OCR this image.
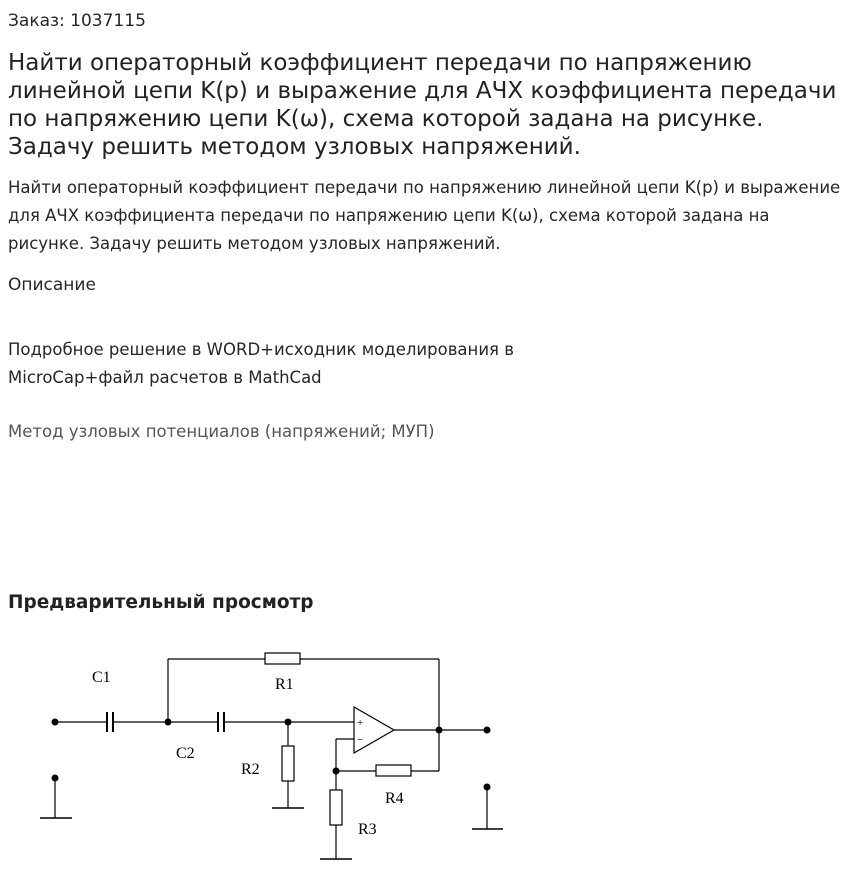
Заказ: 1037115
Найти операторный коэффициент передачи по напряжению линейной цепи K(p) и выражение для АЧХ коэффициента передачи по напряжению цепи K(ω), схема которой задана на рисунке. Задачу решить методом узловых напряжений.

Найти операторный коэффициент передачи по напряжению линейной цепи K(p) и выражение для АЧХ коэффициента передачи по напряжению цепи K(ω), схема которой задана на рисунке. Задачу решить методом узловых напряжений.

Описание

Подробное решение в WORD+исходник моделирования в MicroCap+файл расчетов в MathCad

Метод узловых потенциалов (напряжений; МУП)
Предварительный просмотр
C1
C2
R1
R2
R3
R4
+
−
